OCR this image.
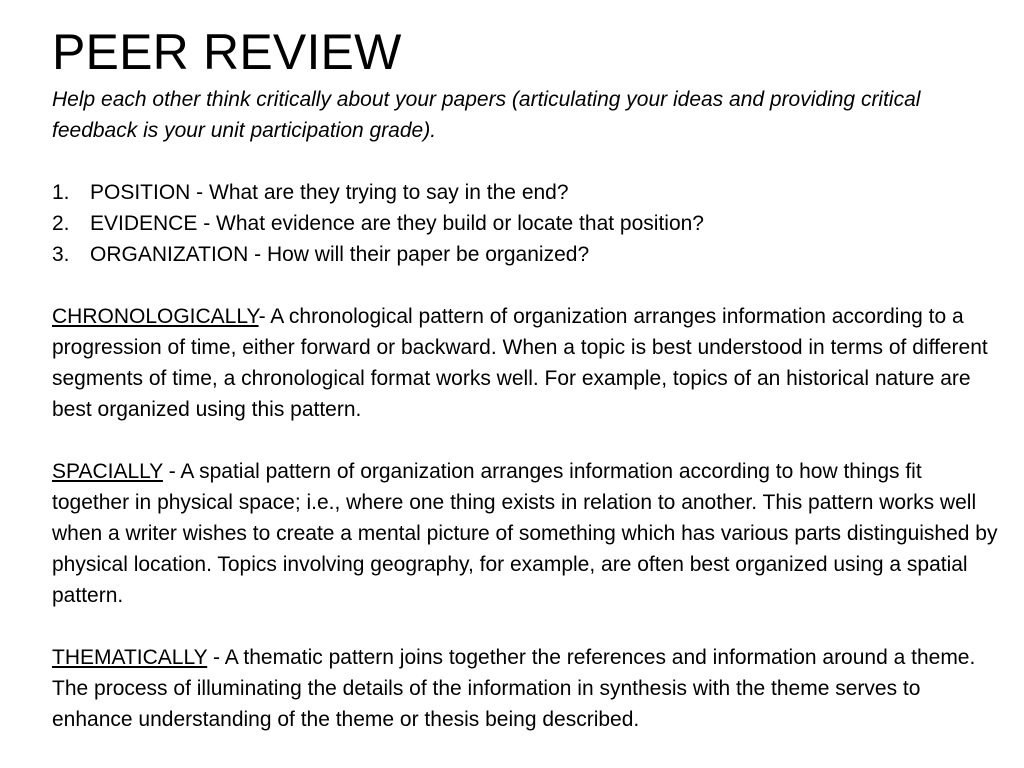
PEER REVIEW

Help each other think critically about your papers (articulating your ideas and providing critical feedback is your unit participation grade).

1. POSITION - What are they trying to say in the end?
2. EVIDENCE - What evidence are they build or locate that position?
3. ORGANIZATION - How will their paper be organized?

CHRONOLOGICALLY- A chronological pattern of organization arranges information according to a progression of time, either forward or backward. When a topic is best understood in terms of different segments of time, a chronological format works well. For example, topics of an historical nature are best organized using this pattern.

SPACIALLY - A spatial pattern of organization arranges information according to how things fit together in physical space; i.e., where one thing exists in relation to another. This pattern works well when a writer wishes to create a mental picture of something which has various parts distinguished by physical location. Topics involving geography, for example, are often best organized using a spatial pattern.

THEMATICALLY - A thematic pattern joins together the references and information around a theme. The process of illuminating the details of the information in synthesis with the theme serves to enhance understanding of the theme or thesis being described.
